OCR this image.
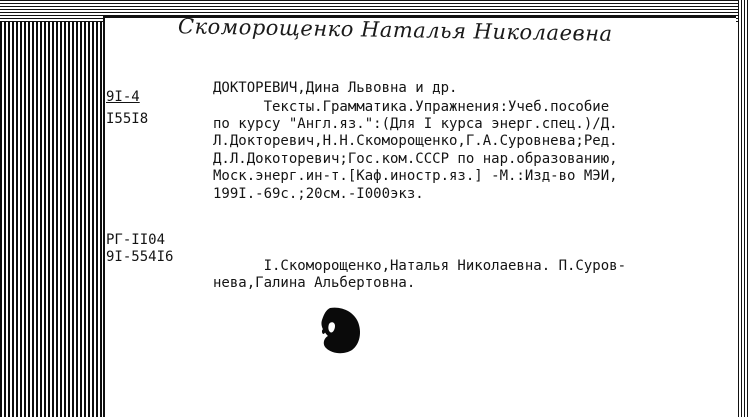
Скоморощенко Наталья Николаевна
9I-4
I55I8
ДОКТОРЕВИЧ,Дина Львовна и др.
Тексты.Грамматика.Упражнения:Учеб.пособие
по курсу "Англ.яз.":(Для I курса энерг.спец.)/Д.
Л.Докторевич,Н.Н.Скоморощенко,Г.А.Суровнева;Ред.
Д.Л.Докоторевич;Гос.ком.СССР по нар.образованию,
Моск.энерг.ин-т.[Каф.иностр.яз.] -М.:Изд-во МЭИ,
199I.-69с.;20см.-I000экз.
РГ-II04
9I-554I6
I.Скоморощенко,Наталья Николаевна. П.Суров-
нева,Галина Альбертовна.
